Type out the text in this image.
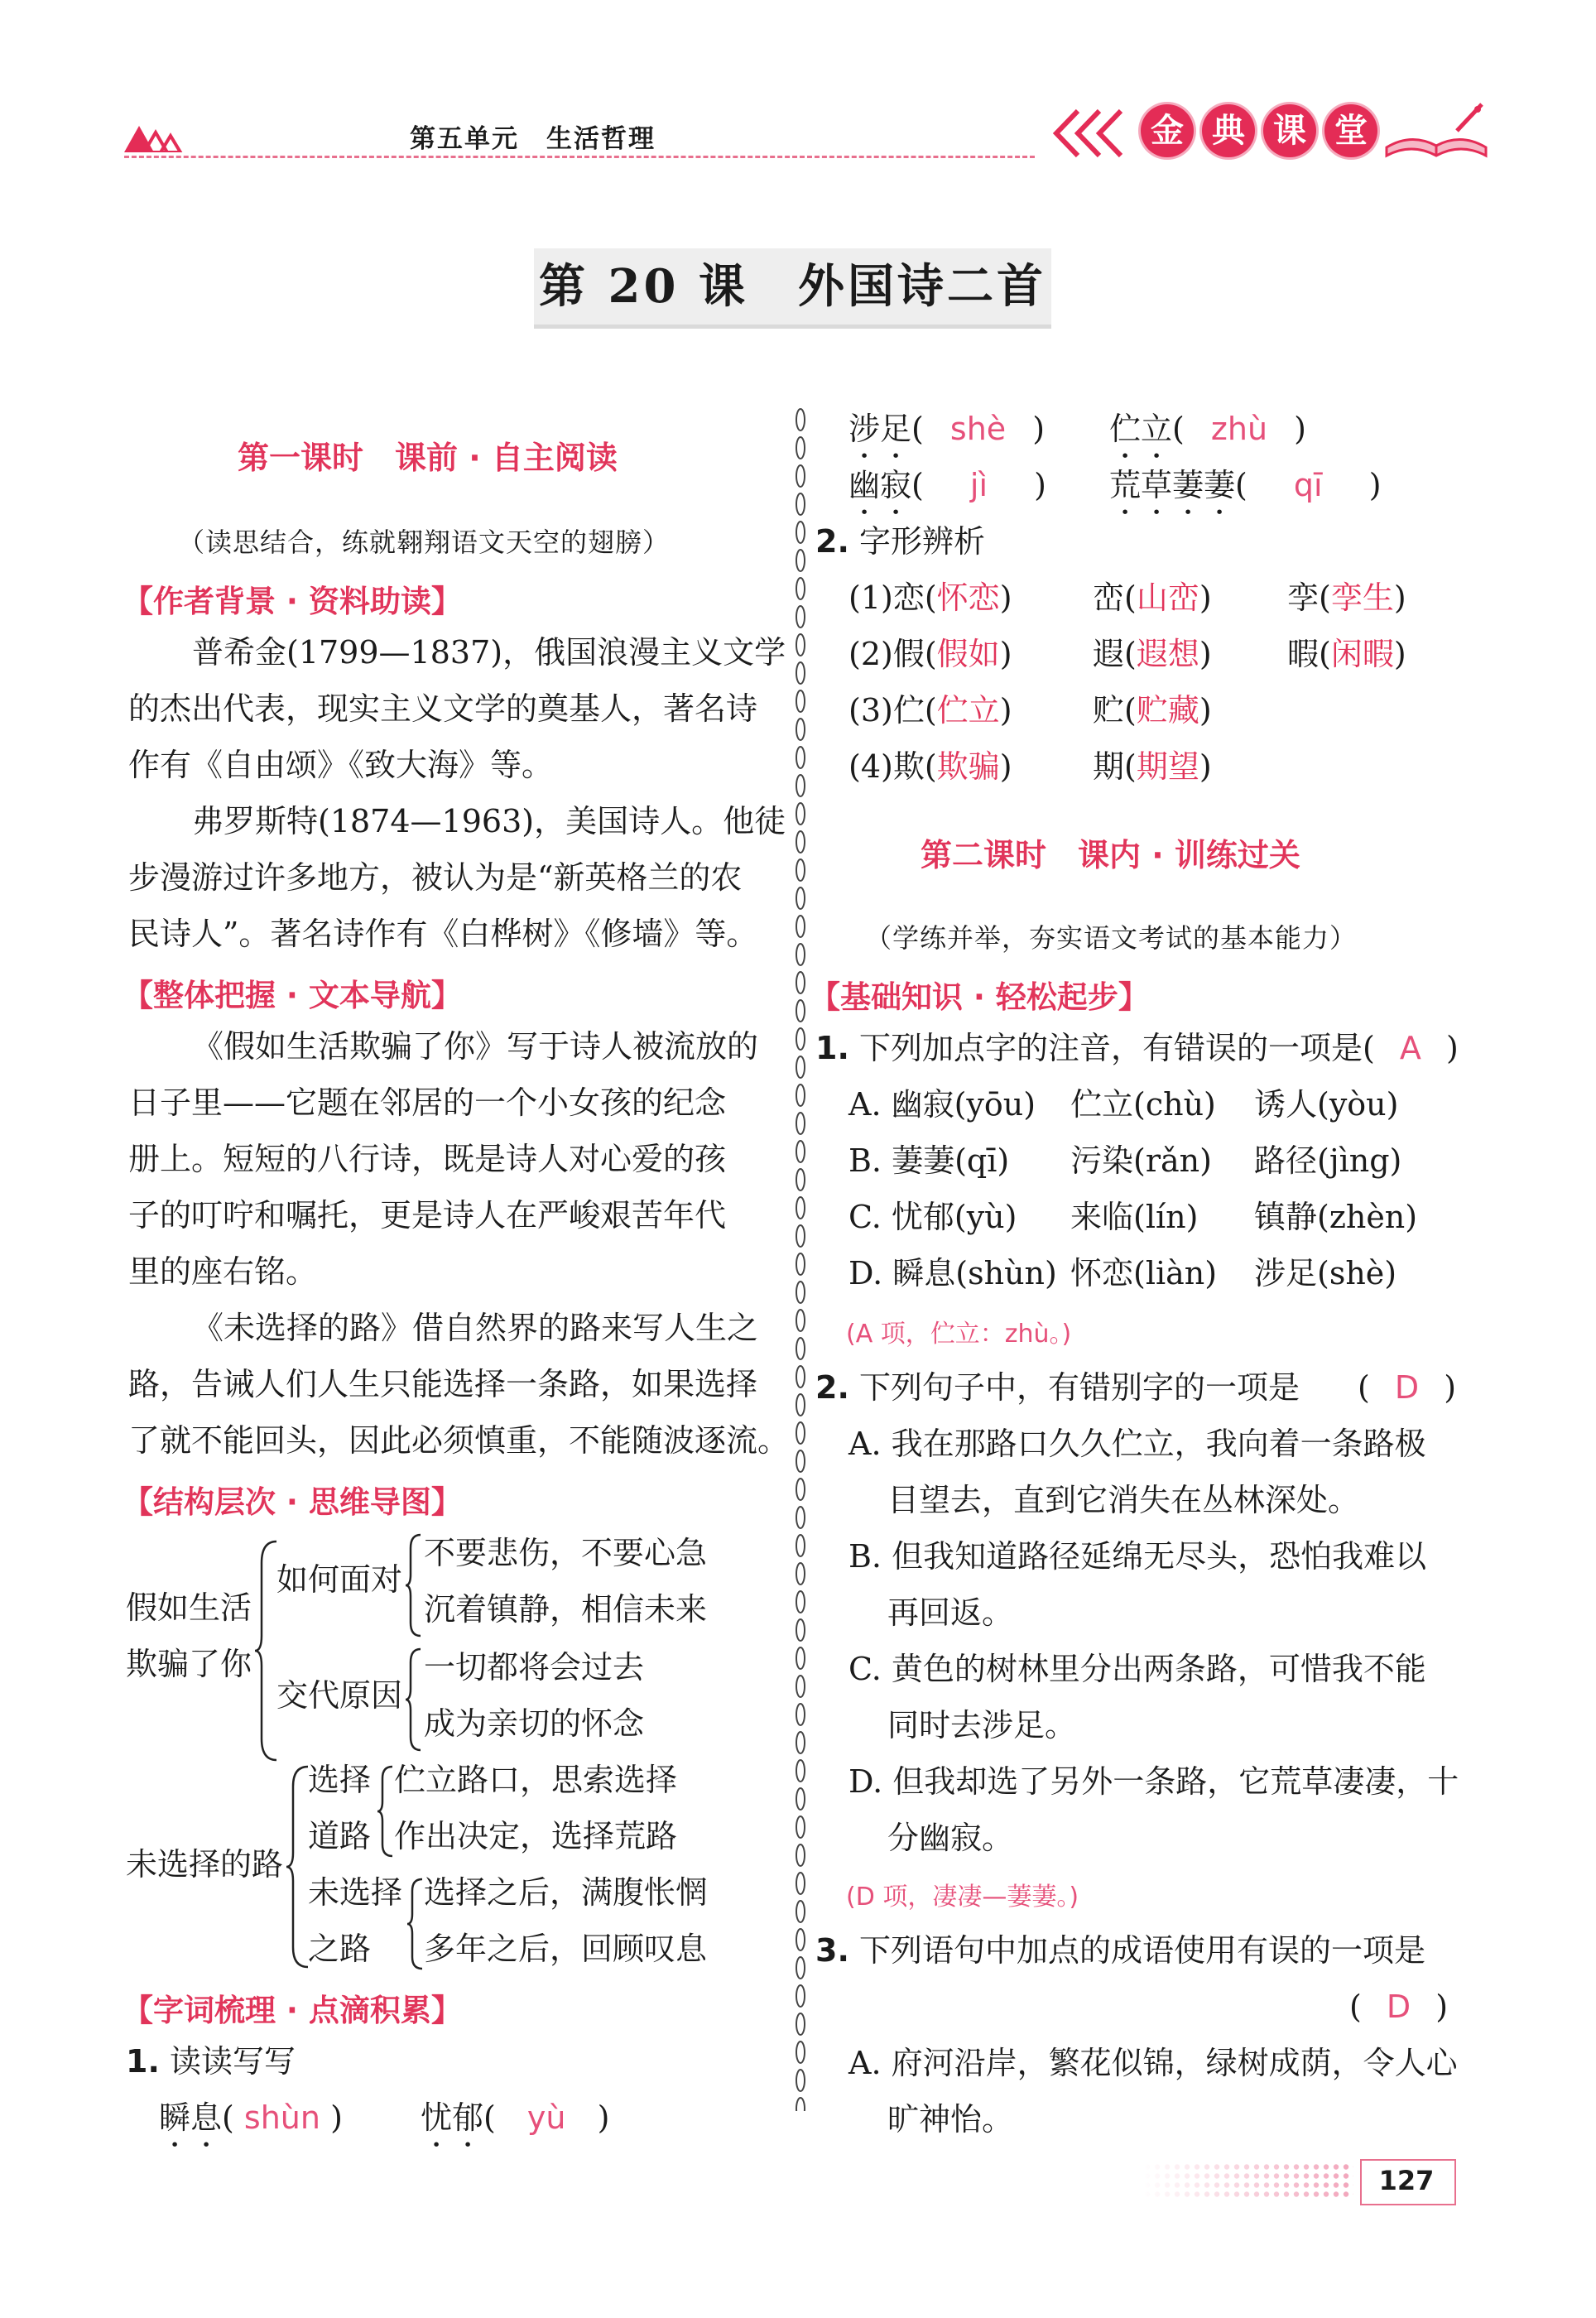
第五单元　生活哲理	金 典 课 堂
第 20 课　外国诗二首
第一课时　课前 · 自主阅读
（读思结合，练就翱翔语文天空的翅膀）
【作者背景 · 资料助读】
普希金(1799—1837)，俄国浪漫主义文学
的杰出代表，现实主义文学的奠基人，著名诗
作有《自由颂》《致大海》等。
弗罗斯特(1874—1963)，美国诗人。他徒
步漫游过许多地方，被认为是“新英格兰的农
民诗人”。著名诗作有《白桦树》《修墙》等。
【整体把握 · 文本导航】
《假如生活欺骗了你》写于诗人被流放的
日子里——它题在邻居的一个小女孩的纪念
册上。短短的八行诗，既是诗人对心爱的孩
子的叮咛和嘱托，更是诗人在严峻艰苦年代
里的座右铭。
《未选择的路》借自然界的路来写人生之
路，告诫人们人生只能选择一条路，如果选择
了就不能回头，因此必须慎重，不能随波逐流。
【结构层次 · 思维导图】
假如生活
欺骗了你
如何面对
不要悲伤，不要心急
沉着镇静，相信未来
交代原因
一切都将会过去
成为亲切的怀念
未选择的路
选择
道路
伫立路口，思索选择
作出决定，选择荒路
未选择
之路
选择之后，满腹怅惘
多年之后，回顾叹息
【字词梳理 · 点滴积累】
1. 读读写写
瞬息( shùn ) 忧郁( yù )
涉足( shè ) 伫立( zhù )
幽寂( jì ) 荒草萋萋( qī )
2. 字形辨析
(1)恋(怀恋)	峦(山峦) 孪(孪生)
(2)假(假如)	遐(遐想) 暇(闲暇)
(3)伫(伫立)	贮(贮藏)
(4)欺(欺骗)	期(期望)
第二课时　课内 · 训练过关
（学练并举，夯实语文考试的基本能力）
【基础知识 · 轻松起步】
1. 下列加点字的注音，有错误的一项是( A )
A. 幽寂(yōu) 伫立(chù) 诱人(yòu)
B. 萋萋(qī) 污染(rǎn) 路径(jìng)
C. 忧郁(yù) 来临(lín) 镇静(zhèn)
D. 瞬息(shùn) 怀恋(liàn) 涉足(shè)
(A 项，伫立：zhù。)
2. 下列句子中，有错别字的一项是 ( D )
A. 我在那路口久久伫立，我向着一条路极
目望去，直到它消失在丛林深处。
B. 但我知道路径延绵无尽头，恐怕我难以
再回返。
C. 黄色的树林里分出两条路，可惜我不能
同时去涉足。
D. 但我却选了另外一条路，它荒草凄凄，十
分幽寂。
(D 项，凄凄—萋萋。)
3. 下列语句中加点的成语使用有误的一项是
( D )
A. 府河沿岸，繁花似锦，绿树成荫，令人心
旷神怡。
127
